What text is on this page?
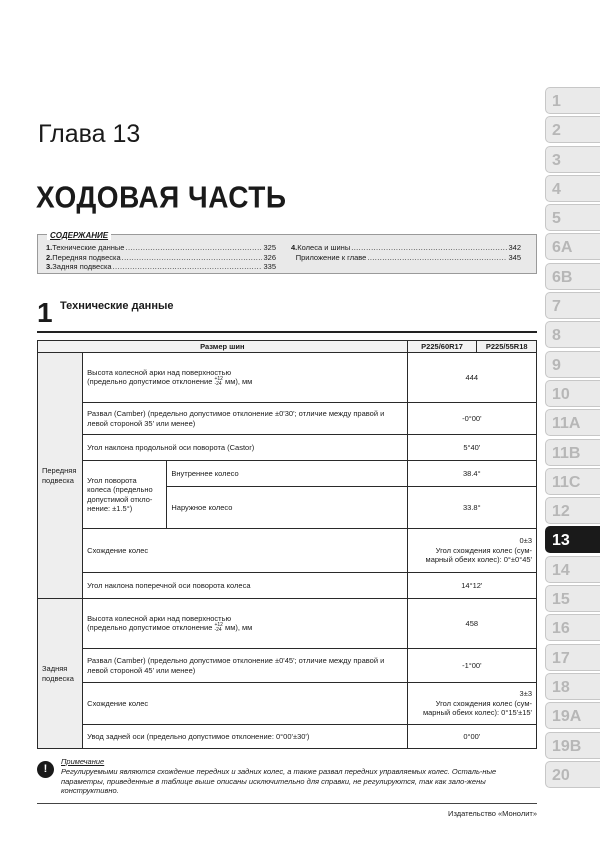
Глава 13
ХОДОВАЯ ЧАСТЬ
СОДЕРЖАНИЕ
1. Технические данные .....	325
2. Передняя подвеска .....	326
3. Задняя подвеска .....	335
4. Колеса и шины .....	342
Приложение к главе .....	345
1 Технические данные
Размер шин			P225/60R17	P225/55R18
Передняя подвеска	Высота колесной арки над поверхностью
(предельно допустимое отклонение +12
-24 мм), мм		444	
	Развал (Camber) (предельно допустимое отклонение ±0'30'; отличие между правой и левой стороной 35' или менее)		-0°00'	
	Угол наклона продольной оси поворота (Castor)		5°40'	
	Угол поворота колеса (предельно допустимой откло-нение: ±1.5°)	Внутреннее колесо	38.4°	
		Наружное колесо	33.8°	
	Схождение колес		0±3
Угол схождения колес (сум-марный обеих колес): 0°±0°45'	
	Угол наклона поперечной оси поворота колеса		14°12'	
Задняя подвеска	Высота колесной арки над поверхностью
(предельно допустимое отклонение +12
-24 мм), мм		458	
	Развал (Camber) (предельно допустимое отклонение ±0'45'; отличие между правой и левой стороной 45' или менее)		-1°00'	
	Схождение колес		3±3
Угол схождения колес (сум-марный обеих колес): 0°15'±15'	
	Увод задней оси (предельно допустимое отклонение: 0°00'±30')		0°00'	
!
Примечание
Регулируемыми являются схождение передних и задних колес, а также развал передних управляемых колес. Осталь-ные параметры, приведенные в таблице выше описаны исключительно для справки, не регулируются, так как зало-жены конструктивно.
Издательство «Монолит»
1
2
3
4
5
6A
6B
7
8
9
10
11A
11B
11C
12
13
14
15
16
17
18
19A
19B
20
